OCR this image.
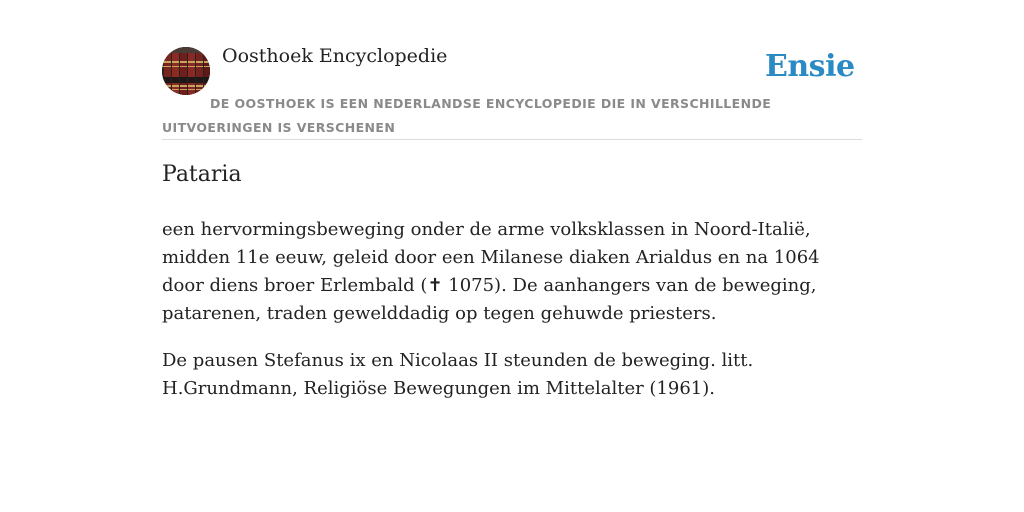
Oosthoek Encyclopedie	Ensie
DE OOSTHOEK IS EEN NEDERLANDSE ENCYCLOPEDIE DIE IN VERSCHILLENDE UITVOERINGEN IS VERSCHENEN
Pataria

een hervormingsbeweging onder de arme volksklassen in Noord-Italië, midden 11e eeuw, geleid door een Milanese diaken Arialdus en na 1064 door diens broer Erlembald (✝ 1075). De aanhangers van de beweging, patarenen, traden gewelddadig op tegen gehuwde priesters.

De pausen Stefanus ix en Nicolaas II steunden de beweging. litt. H.Grundmann, Religiöse Bewegungen im Mittelalter (1961).
